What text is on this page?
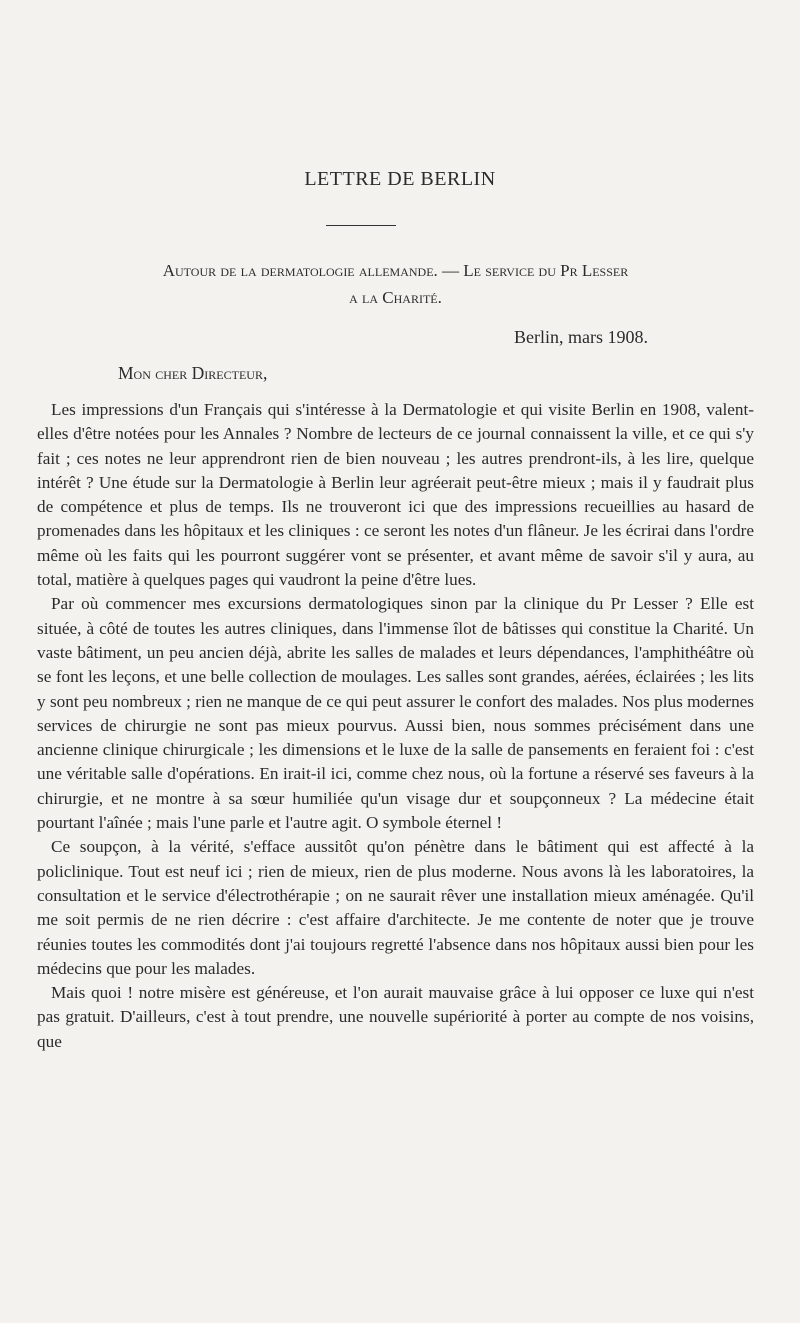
LETTRE DE BERLIN
Autour de la dermatologie allemande. — Le service du Pr Lesser
a la Charité.
Berlin, mars 1908.
Mon cher Directeur,

Les impressions d'un Français qui s'intéresse à la Dermatologie et qui visite Berlin en 1908, valent-elles d'être notées pour les Annales ? Nombre de lecteurs de ce journal connaissent la ville, et ce qui s'y fait ; ces notes ne leur apprendront rien de bien nouveau ; les autres prendront-ils, à les lire, quelque intérêt ? Une étude sur la Dermatologie à Berlin leur agréerait peut-être mieux ; mais il y faudrait plus de compétence et plus de temps. Ils ne trouveront ici que des impressions recueillies au hasard de promenades dans les hôpitaux et les cliniques : ce seront les notes d'un flâneur. Je les écrirai dans l'ordre même où les faits qui les pourront suggérer vont se présenter, et avant même de savoir s'il y aura, au total, matière à quelques pages qui vaudront la peine d'être lues.

Par où commencer mes excursions dermatologiques sinon par la clinique du Pr Lesser ? Elle est située, à côté de toutes les autres cliniques, dans l'immense îlot de bâtisses qui constitue la Charité. Un vaste bâtiment, un peu ancien déjà, abrite les salles de malades et leurs dépendances, l'amphithéâtre où se font les leçons, et une belle collection de moulages. Les salles sont grandes, aérées, éclairées ; les lits y sont peu nombreux ; rien ne manque de ce qui peut assurer le confort des malades. Nos plus modernes services de chirurgie ne sont pas mieux pourvus. Aussi bien, nous sommes précisément dans une ancienne clinique chirurgicale ; les dimensions et le luxe de la salle de pansements en feraient foi : c'est une véritable salle d'opérations. En irait-il ici, comme chez nous, où la fortune a réservé ses faveurs à la chirurgie, et ne montre à sa sœur humiliée qu'un visage dur et soupçonneux ? La médecine était pourtant l'aînée ; mais l'une parle et l'autre agit. O symbole éternel !

Ce soupçon, à la vérité, s'efface aussitôt qu'on pénètre dans le bâtiment qui est affecté à la policlinique. Tout est neuf ici ; rien de mieux, rien de plus moderne. Nous avons là les laboratoires, la consultation et le service d'électrothérapie ; on ne saurait rêver une installation mieux aménagée. Qu'il me soit permis de ne rien décrire : c'est affaire d'architecte. Je me contente de noter que je trouve réunies toutes les commodités dont j'ai toujours regretté l'absence dans nos hôpitaux aussi bien pour les médecins que pour les malades.

Mais quoi ! notre misère est généreuse, et l'on aurait mauvaise grâce à lui opposer ce luxe qui n'est pas gratuit. D'ailleurs, c'est à tout prendre, une nouvelle supériorité à porter au compte de nos voisins, que
